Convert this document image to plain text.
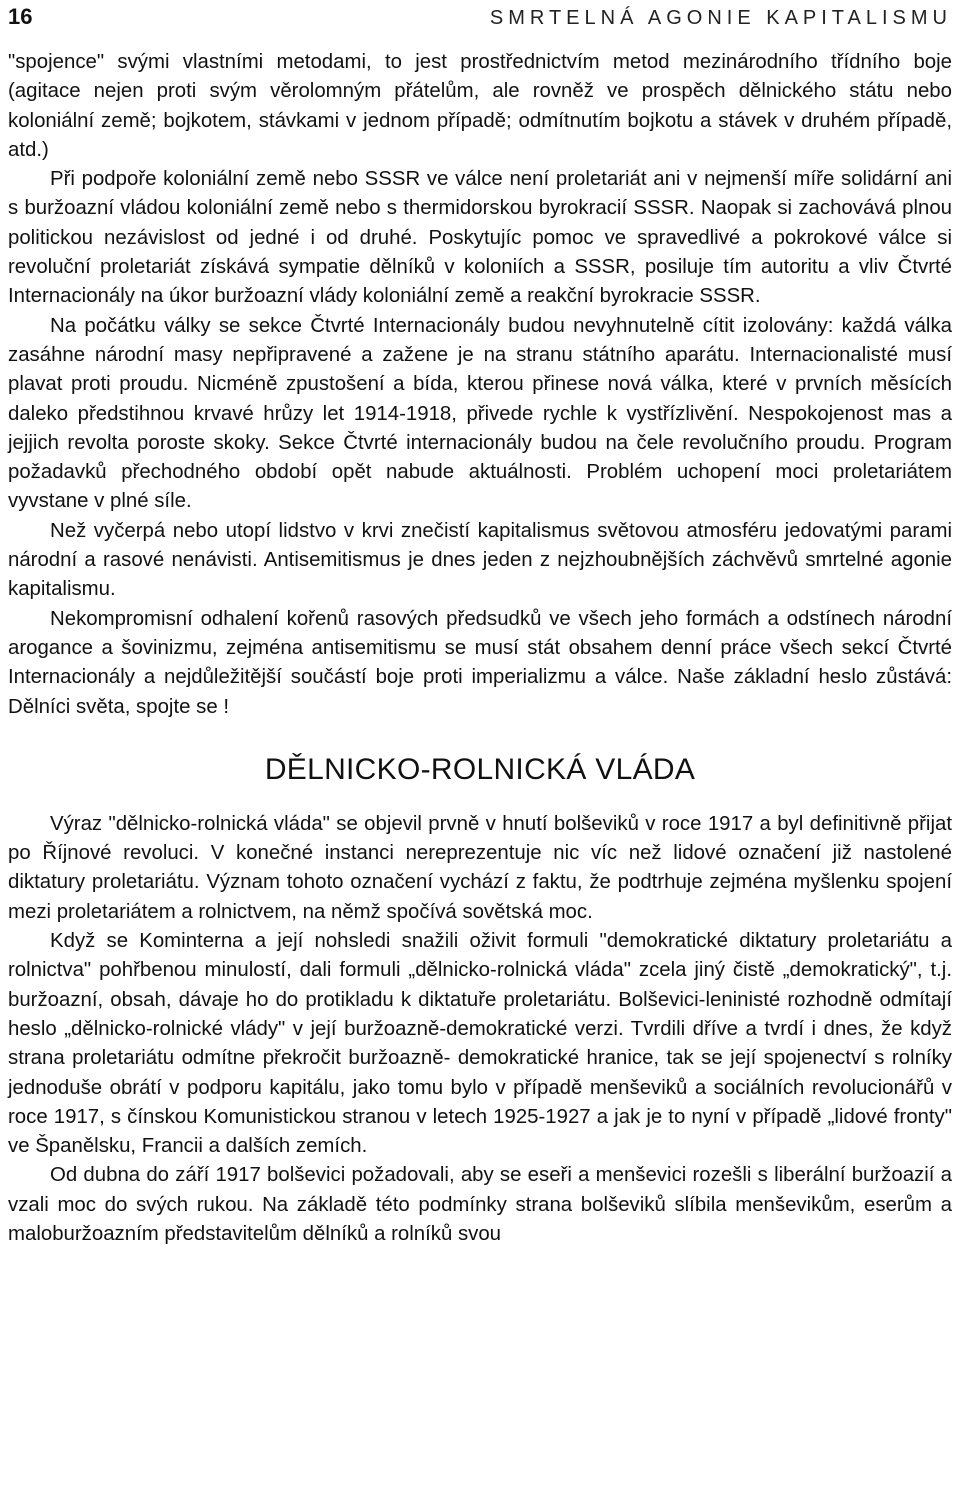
16	SMRTELNÁ AGONIE KAPITALISMU

"spojence" svými vlastními metodami, to jest prostřednictvím metod mezinárodního třídního boje (agitace nejen proti svým věrolomným přátelům, ale rovněž ve prospěch dělnického státu nebo koloniální země; bojkotem, stávkami v jednom případě; odmítnutím bojkotu a stávek v druhém případě, atd.)

Při podpoře koloniální země nebo SSSR ve válce není proletariát ani v nejmenší míře solidární ani s buržoazní vládou koloniální země nebo s thermidorskou byrokracií SSSR. Naopak si zachovává plnou politickou nezávislost od jedné i od druhé. Poskytujíc pomoc ve spravedlivé a pokrokové válce si revoluční proletariát získává sympatie dělníků v koloniích a SSSR, posiluje tím autoritu a vliv Čtvrté Internacionály na úkor buržoazní vlády koloniální země a reakční byrokracie SSSR.

Na počátku války se sekce Čtvrté Internacionály budou nevyhnutelně cítit izolovány: každá válka zasáhne národní masy nepřipravené a zažene je na stranu státního aparátu. Internacionalisté musí plavat proti proudu. Nicméně zpustošení a bída, kterou přinese nová válka, které v prvních měsících daleko předstihnou krvavé hrůzy let 1914-1918, přivede rychle k vystřízlivění. Nespokojenost mas a jejjich revolta poroste skoky. Sekce Čtvrté internacionály budou na čele revolučního proudu. Program požadavků přechodného období opět nabude aktuálnosti. Problém uchopení moci proletariátem vyvstane v plné síle.

Než vyčerpá nebo utopí lidstvo v krvi znečistí kapitalismus světovou atmosféru jedovatými parami národní a rasové nenávisti. Antisemitismus je dnes jeden z nejzhoubnějších záchvěvů smrtelné agonie kapitalismu.

Nekompromisní odhalení kořenů rasových předsudků ve všech jeho formách a odstínech národní arogance a šovinizmu, zejména antisemitismu se musí stát obsahem denní práce všech sekcí Čtvrté Internacionály a nejdůležitější součástí boje proti imperializmu a válce. Naše základní heslo zůstává: Dělníci světa, spojte se !

DĚLNICKO-ROLNICKÁ VLÁDA

Výraz "dělnicko-rolnická vláda" se objevil prvně v hnutí bolševiků v roce 1917 a byl definitivně přijat po Říjnové revoluci. V konečné instanci nereprezentuje nic víc než lidové označení již nastolené diktatury proletariátu. Význam tohoto označení vychází z faktu, že podtrhuje zejména myšlenku spojení mezi proletariátem a rolnictvem, na němž spočívá sovětská moc.

Když se Kominterna a její nohsledi snažili oživit formuli "demokratické diktatury proletariátu a rolnictva" pohřbenou minulostí, dali formuli „dělnicko-rolnická vláda" zcela jiný čistě „demokratický", t.j. buržoazní, obsah, dávaje ho do protikladu k diktatuře proletariátu. Bolševici-leninisté rozhodně odmítají heslo „dělnicko-rolnické vlády" v její buržoazně-demokratické verzi. Tvrdili dříve a tvrdí i dnes, že když strana proletariátu odmítne překročit buržoazně- demokratické hranice, tak se její spojenectví s rolníky jednoduše obrátí v podporu kapitálu, jako tomu bylo v případě menševiků a sociálních revolucionářů v roce 1917, s čínskou Komunistickou stranou v letech 1925-1927 a jak je to nyní v případě „lidové fronty" ve Španělsku, Francii a dalších zemích.

Od dubna do září 1917 bolševici požadovali, aby se eseři a menševici rozešli s liberální buržoazií a vzali moc do svých rukou. Na základě této podmínky strana bolševiků slíbila menševikům, eserům a maloburžoazním představitelům dělníků a rolníků svou
